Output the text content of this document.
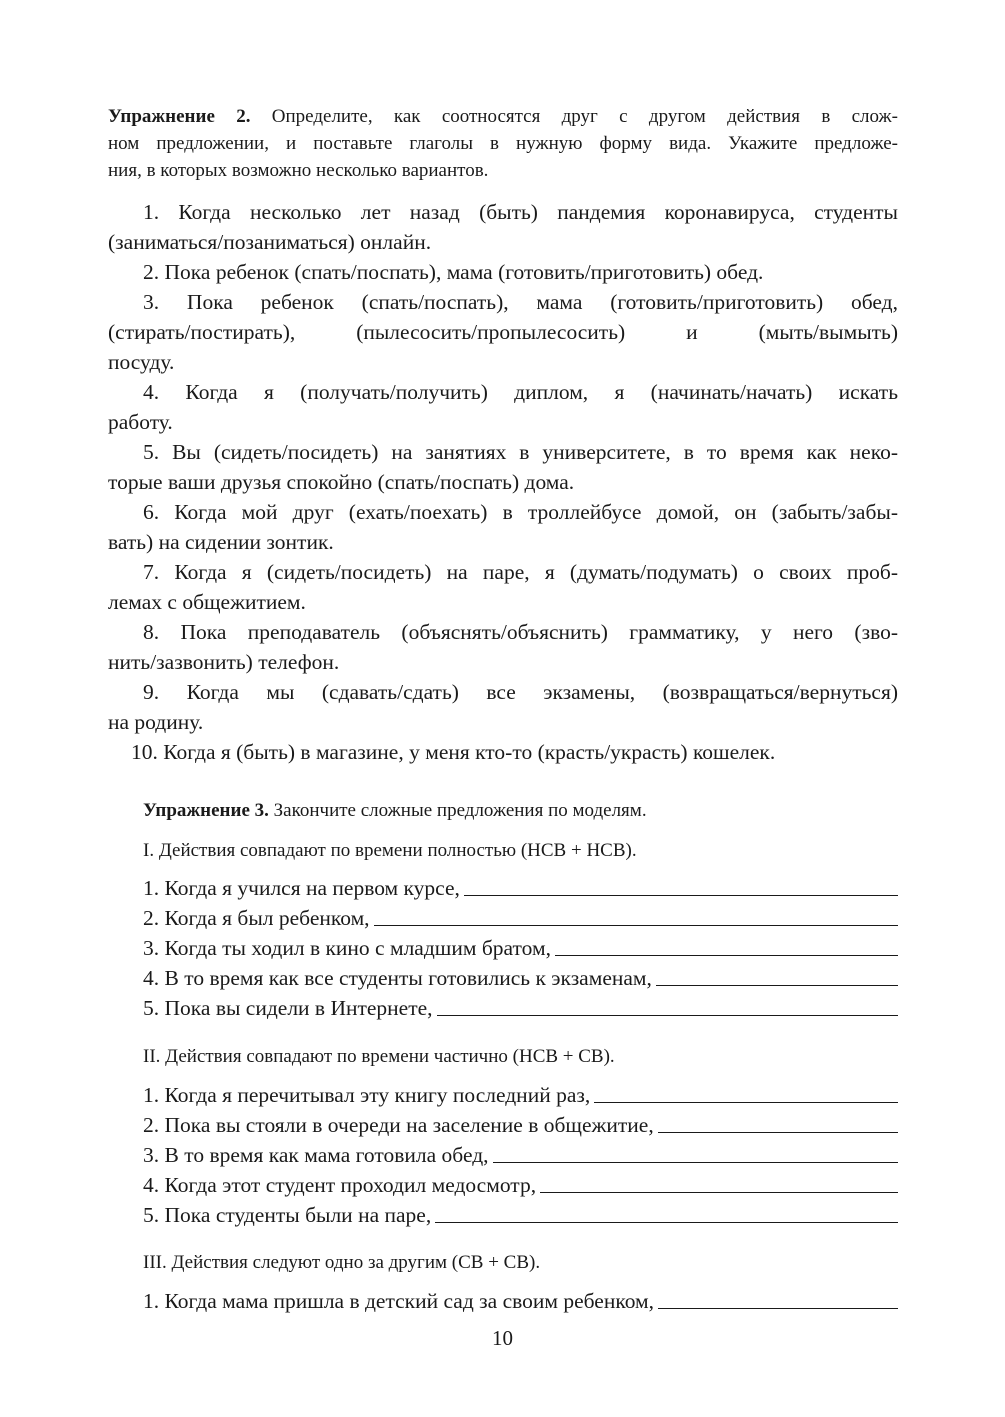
Упражнение 2. Определите, как соотносятся друг с другом действия в слож-
ном предложении, и поставьте глаголы в нужную форму вида. Укажите предложе-
ния, в которых возможно несколько вариантов.
1. Когда несколько лет назад (быть) пандемия коронавируса, студенты
(заниматься/позаниматься) онлайн.
2. Пока ребенок (спать/поспать), мама (готовить/приготовить) обед.
3. Пока ребенок (спать/поспать), мама (готовить/приготовить) обед,
(стирать/постирать), (пылесосить/пропылесосить) и (мыть/вымыть)
посуду.
4. Когда я (получать/получить) диплом, я (начинать/начать) искать
работу.
5. Вы (сидеть/посидеть) на занятиях в университете, в то время как неко-
торые ваши друзья спокойно (спать/поспать) дома.
6. Когда мой друг (ехать/поехать) в троллейбусе домой, он (забыть/забы-
вать) на сидении зонтик.
7. Когда я (сидеть/посидеть) на паре, я (думать/подумать) о своих проб-
лемах с общежитием.
8. Пока преподаватель (объяснять/объяснить) грамматику, у него (зво-
нить/зазвонить) телефон.
9. Когда мы (сдавать/сдать) все экзамены, (возвращаться/вернуться)
на родину.
10. Когда я (быть) в магазине, у меня кто-то (красть/украсть) кошелек.
Упражнение 3. Закончите сложные предложения по моделям.
I. Действия совпадают по времени полностью (НСВ + НСВ).
1. Когда я учился на первом курсе,
2. Когда я был ребенком,
3. Когда ты ходил в кино с младшим братом,
4. В то время как все студенты готовились к экзаменам,
5. Пока вы сидели в Интернете,
II. Действия совпадают по времени частично (НСВ + СВ).
1. Когда я перечитывал эту книгу последний раз,
2. Пока вы стояли в очереди на заселение в общежитие,
3. В то время как мама готовила обед,
4. Когда этот студент проходил медосмотр,
5. Пока студенты были на паре,
III. Действия следуют одно за другим (СВ + СВ).
1. Когда мама пришла в детский сад за своим ребенком,
10
